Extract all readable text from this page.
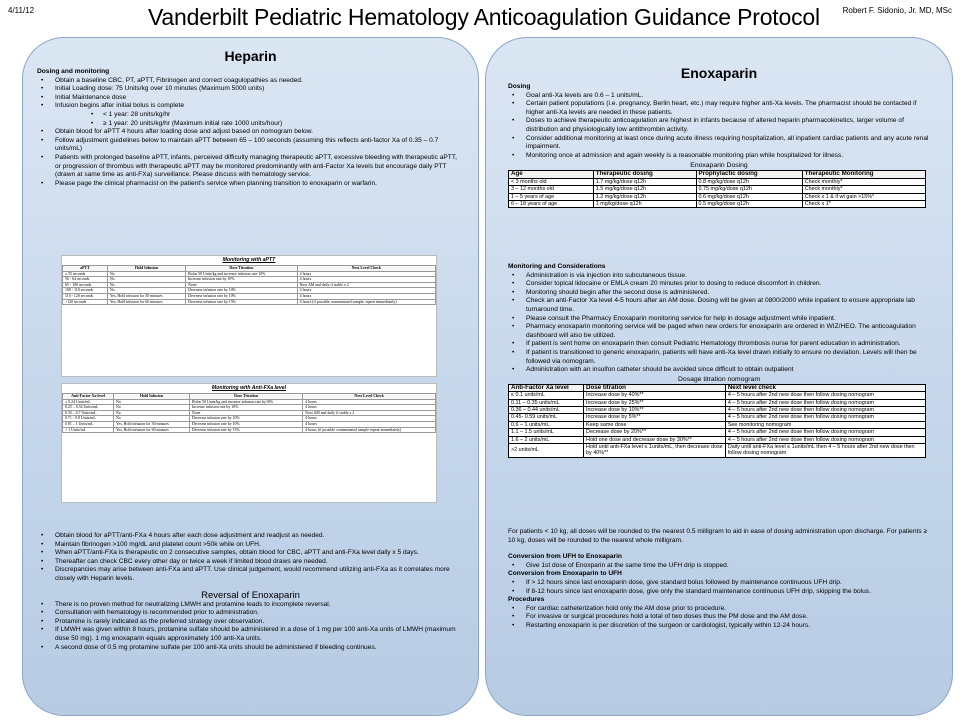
4/11/12	Vanderbilt Pediatric Hematology Anticoagulation Guidance Protocol	Robert F. Sidonio, Jr. MD, MSc

Heparin

Dosing and monitoring

• Obtain a baseline CBC, PT, aPTT, Fibrinogen and correct coagulopathies as needed.
• Initial Loading dose: 75 Units/kg over 10 minutes (Maximum 5000 units)
• Initial Maintenance dose
• Infusion begins after initial bolus is complete
• < 1 year: 28 units/kg/hr
• ≥ 1 year: 20 units/kg/hr (Maximum initial rate 1000 units/hour)
• Obtain blood for aPTT 4 hours after loading dose and adjust based on nomogram below.
• Follow adjustment guidelines below to maintain aPTT between 65 – 100 seconds (assuming this reflects anti-factor Xa of 0.35 – 0.7 units/mL)
• Patients with prolonged baseline aPTT, infants, perceived difficulty managing therapeutic aPTT, excessive bleeding with therapeutic aPTT, or progression of thrombus with therapeutic aPTT may be monitored predominantly with anti-Factor Xa levels but encourage daily PTT (drawn at same time as anti-FXa) surveillance. Please discuss with hematology service.
• Please page the clinical pharmacist on the patient's service when planning transition to enoxaparin or warfarin.
Monitoring with aPTT
aPTT	Hold Infusion	Dose Titration	Next Level Check
≤ 55 seconds	No	Bolus 50 Units/kg and increase infusion rate 10%	4 hours
56 - 64 seconds	No	Increase infusion rate by 10%	4 hours
65 - 100 seconds	No	None	Next AM and daily if stable x 2
100 - 110 seconds	No	Decrease infusion rate by 10%	4 hours
110 - 120 seconds	Yes, Hold infusion for 30 minutes	Decrease infusion rate by 10%	4 hours
>120 seconds	Yes, Hold infusion for 60 minutes	Decrease infusion rate by 15%	4 hours (if possible contaminated sample, repeat immediately)
Monitoring with Anti-FXa level
Anti-Factor Xa level	Hold Infusion	Dose Titration	Next Level Check
≤ 0.24 Units/mL	No	Bolus 50 Units/kg and increase infusion rate by10%	4 hours
0.25 – 0.34 Units/mL	No	Increase infusion rate by 10%	4 hours
0.35 – 0.7 Units/mL	No	None	Next AM and daily if stable x 2
0.71 - 0.8 Units/mL	No	Decrease infusion rate by 10%	4 hours
0.81 – 1 Units/mL	Yes, Hold infusion for 30 minutes	Decrease infusion rate by 10%	4 hours
> 1 Units/mL	Yes, Hold infusion for 60 minutes	Decrease infusion rate by 15%	4 hours (if possible contaminated sample repeat immediately)
• Obtain blood for aPTT/anti-FXa 4 hours after each dose adjustment and readjust as needed.
• Maintain fibrinogen >100 mg/dL and platelet count >50k while on UFH.
• When aPTT/anti-FXa is therapeutic on 2 consecutive samples, obtain blood for CBC, aPTT and anti-FXa level daily x 5 days.
• Thereafter can check CBC every other day or twice a week if limited blood draws are needed.
• Discrepancies may arise between anti-FXa and aPTT. Use clinical judgement, would recommend utilizing anti-FXa as it correlates more closely with Heparin levels.

Reversal of Enoxaparin

• There is no proven method for neutralizing LMWH and protamine leads to incomplete reversal.
• Consultation with hematology is recommended prior to administration.
• Protamine is rarely indicated as the preferred strategy over observation.
• If LMWH was given within 8 hours, protamine sulfate should be administered in a dose of 1 mg per 100 anti-Xa units of LMWH (maximum dose 50 mg). 1 mg enoxaparin equals approximately 100 anti-Xa units.
• A second dose of 0.5 mg protamine sulfate per 100 anti-Xa units should be administered if bleeding continues.

Enoxaparin

Dosing

• Goal anti-Xa levels are 0.6 – 1 units/mL.
• Certain patient populations (i.e. pregnancy, Berlin heart, etc.) may require higher anti-Xa levels. The pharmacist should be contacted if higher anti-Xa levels are needed in these patients.
• Doses to achieve therapeutic anticoagulation are highest in infants because of altered heparin pharmacokinetics, larger volume of distribution and physiologically low antithrombin activity.
• Consider additional monitoring at least once during acute illness requiring hospitalization, all inpatient cardiac patients and any acute renal impairment.
• Monitoring once at admission and again weekly is a reasonable monitoring plan while hospitalized for illness.
Enoxaparin Dosing
Age	Therapeutic dosing	Prophylactic dosing	Therapeutic Monitoring
< 3 months old	1.7 mg/kg/dose q12h	0.8 mg/kg/dose q12h	Check monthly*
3 – 12 months old	1.5 mg/kg/dose q12h	0.75 mg/kg/dose q12h	Check monthly*
1 – 5 years of age	1.2 mg/kg/dose q12h	0.6 mg/kg/dose q12h	Check x 1 & if wt gain >15%*
6 – 18 years of age	1 mg/kg/dose q12h	0.5 mg/kg/dose q12h	Check x 1*

Monitoring and Considerations

• Administration is via injection into subcutaneous tissue.
• Consider topical lidocaine or EMLA cream 20 minutes prior to dosing to reduce discomfort in children.
• Monitoring should begin after the second dose is administered.
• Check an anti-Factor Xa level 4-5 hours after an AM dose. Dosing will be given at 0800/2000 while inpatient to ensure appropriate lab turnaround time.
• Please consult the Pharmacy Enoxaparin monitoring service for help in dosage adjustment while inpatient.
• Pharmacy enoxaparin monitoring service will be paged when new orders for enoxaparin are ordered in WIZ/HEO. The anticoagulation dashboard will also be utilized.
• If patient is sent home on enoxaparin then consult Pediatric Hematology thrombosis nurse for parent education in administration.
• If patient is transitioned to generic enoxaparin, patients will have anti-Xa level drawn initially to ensure no deviation. Levels will then be followed via nomogram.
• Administration with an insulfon catheter should be avoided since difficult to obtain outpatient
Dosage titration nomogram
Anti-Factor Xa level	Dose titration	Next level check
≤ 0.1 units/mL	Increase dose by 40%**	4 – 5 hours after 2nd new dose then follow dosing nomogram
0.11 – 0.35 units/mL	Increase dose by 25%**	4 – 5 hours after 2nd new dose then follow dosing nomogram
0.36 – 0.44 units/mL	Increase dose by 10%**	4 – 5 hours after 2nd new dose then follow dosing nomogram
0.45- 0.59 units/mL	Increase dose by 5%**	4 – 5 hours after 2nd new dose then follow dosing nomogram
0.6 – 1 units/mL	Keep same dose	See monitoring nomogram
1.1 – 1.5 units/mL	Decrease dose by 20%**	4 – 5 hours after 2nd new dose then follow dosing nomogram
1.6 – 2 units/mL	Hold one dose and decrease dose by 30%**	4 – 5 hours after 2nd new dose then follow dosing nomogram
>2 units/mL	Hold until anti-FXa level ≤ 1units/mL, then decrease dose by 40%**	Daily until anti-FXa level ≤ 1units/mL then 4 – 5 hours after 2nd new dose then follow dosing nomogram

For patients < 10 kg, all doses will be rounded to the nearest 0.5 milligram to aid in ease of dosing administration upon discharge. For patients ≥ 10 kg, doses will be rounded to the nearest whole milligram.

Conversion from UFH to Enoxaparin

• Give 1st dose of Enoxparin at the same time the UFH drip is stopped.

Conversion from Enoxaparin to UFH

• If > 12 hours since last enoxaparin dose, give standard bolus followed by maintenance continuous UFH drip.
• If 8-12 hours since last enoxaparin dose, give only the standard maintenance continuous UFH drip, skipping the bolus.

Procedures

• For cardiac catheterization hold only the AM dose prior to procedure.
• For invasive or surgical procedures hold a total of two doses thus the PM dose and the AM dose.
• Restarting enoxaparin is per discretion of the surgeon or cardiologist, typically within 12-24 hours.
